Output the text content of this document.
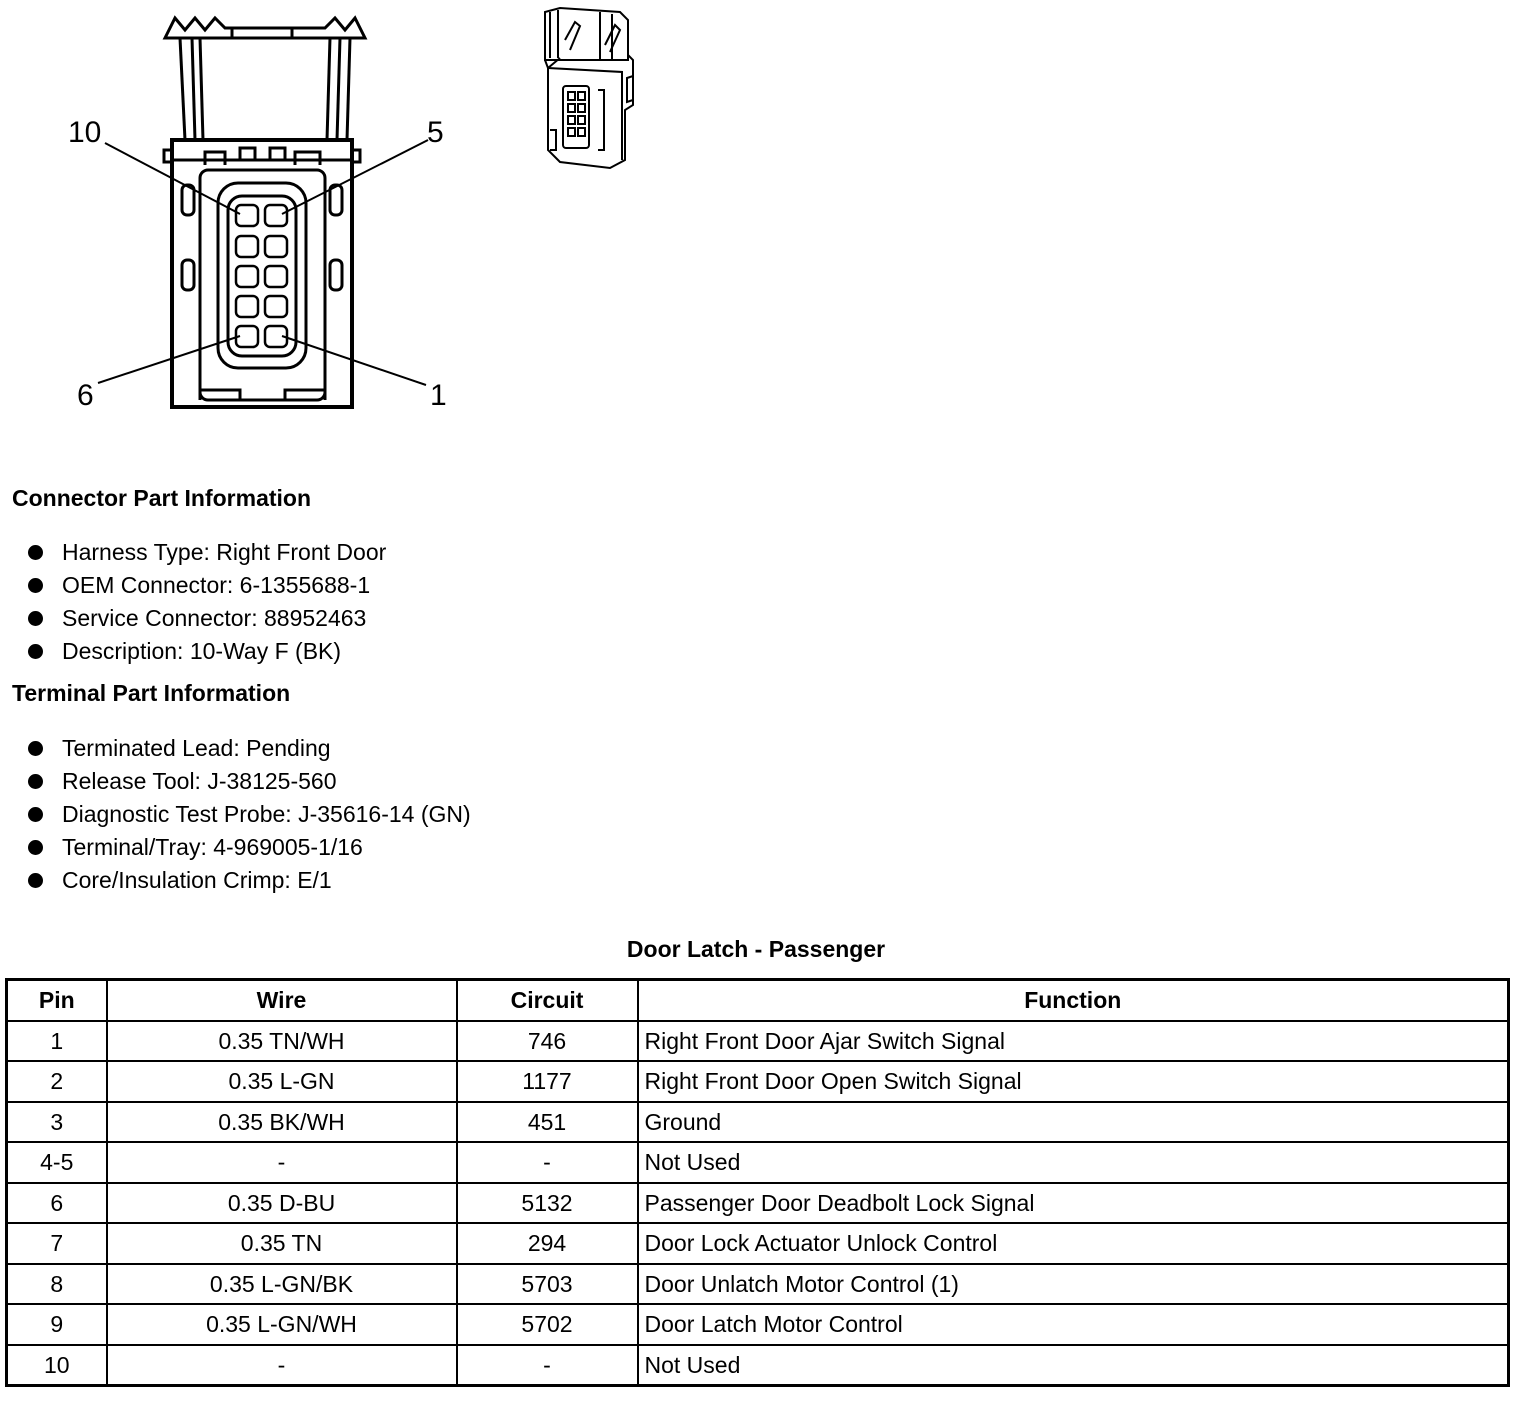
10	5
6	1
Connector Part Information
Harness Type: Right Front Door
OEM Connector: 6-1355688-1
Service Connector: 88952463
Description: 10-Way F (BK)
Terminal Part Information
Terminated Lead: Pending
Release Tool: J-38125-560
Diagnostic Test Probe: J-35616-14 (GN)
Terminal/Tray: 4-969005-1/16
Core/Insulation Crimp: E/1
Door Latch - Passenger
Pin	Wire	Circuit	Function
1	0.35 TN/WH	746	Right Front Door Ajar Switch Signal
2	0.35 L-GN	1177	Right Front Door Open Switch Signal
3	0.35 BK/WH	451	Ground
4-5	-	-	Not Used
6	0.35 D-BU	5132	Passenger Door Deadbolt Lock Signal
7	0.35 TN	294	Door Lock Actuator Unlock Control
8	0.35 L-GN/BK	5703	Door Unlatch Motor Control (1)
9	0.35 L-GN/WH	5702	Door Latch Motor Control
10	-	-	Not Used
